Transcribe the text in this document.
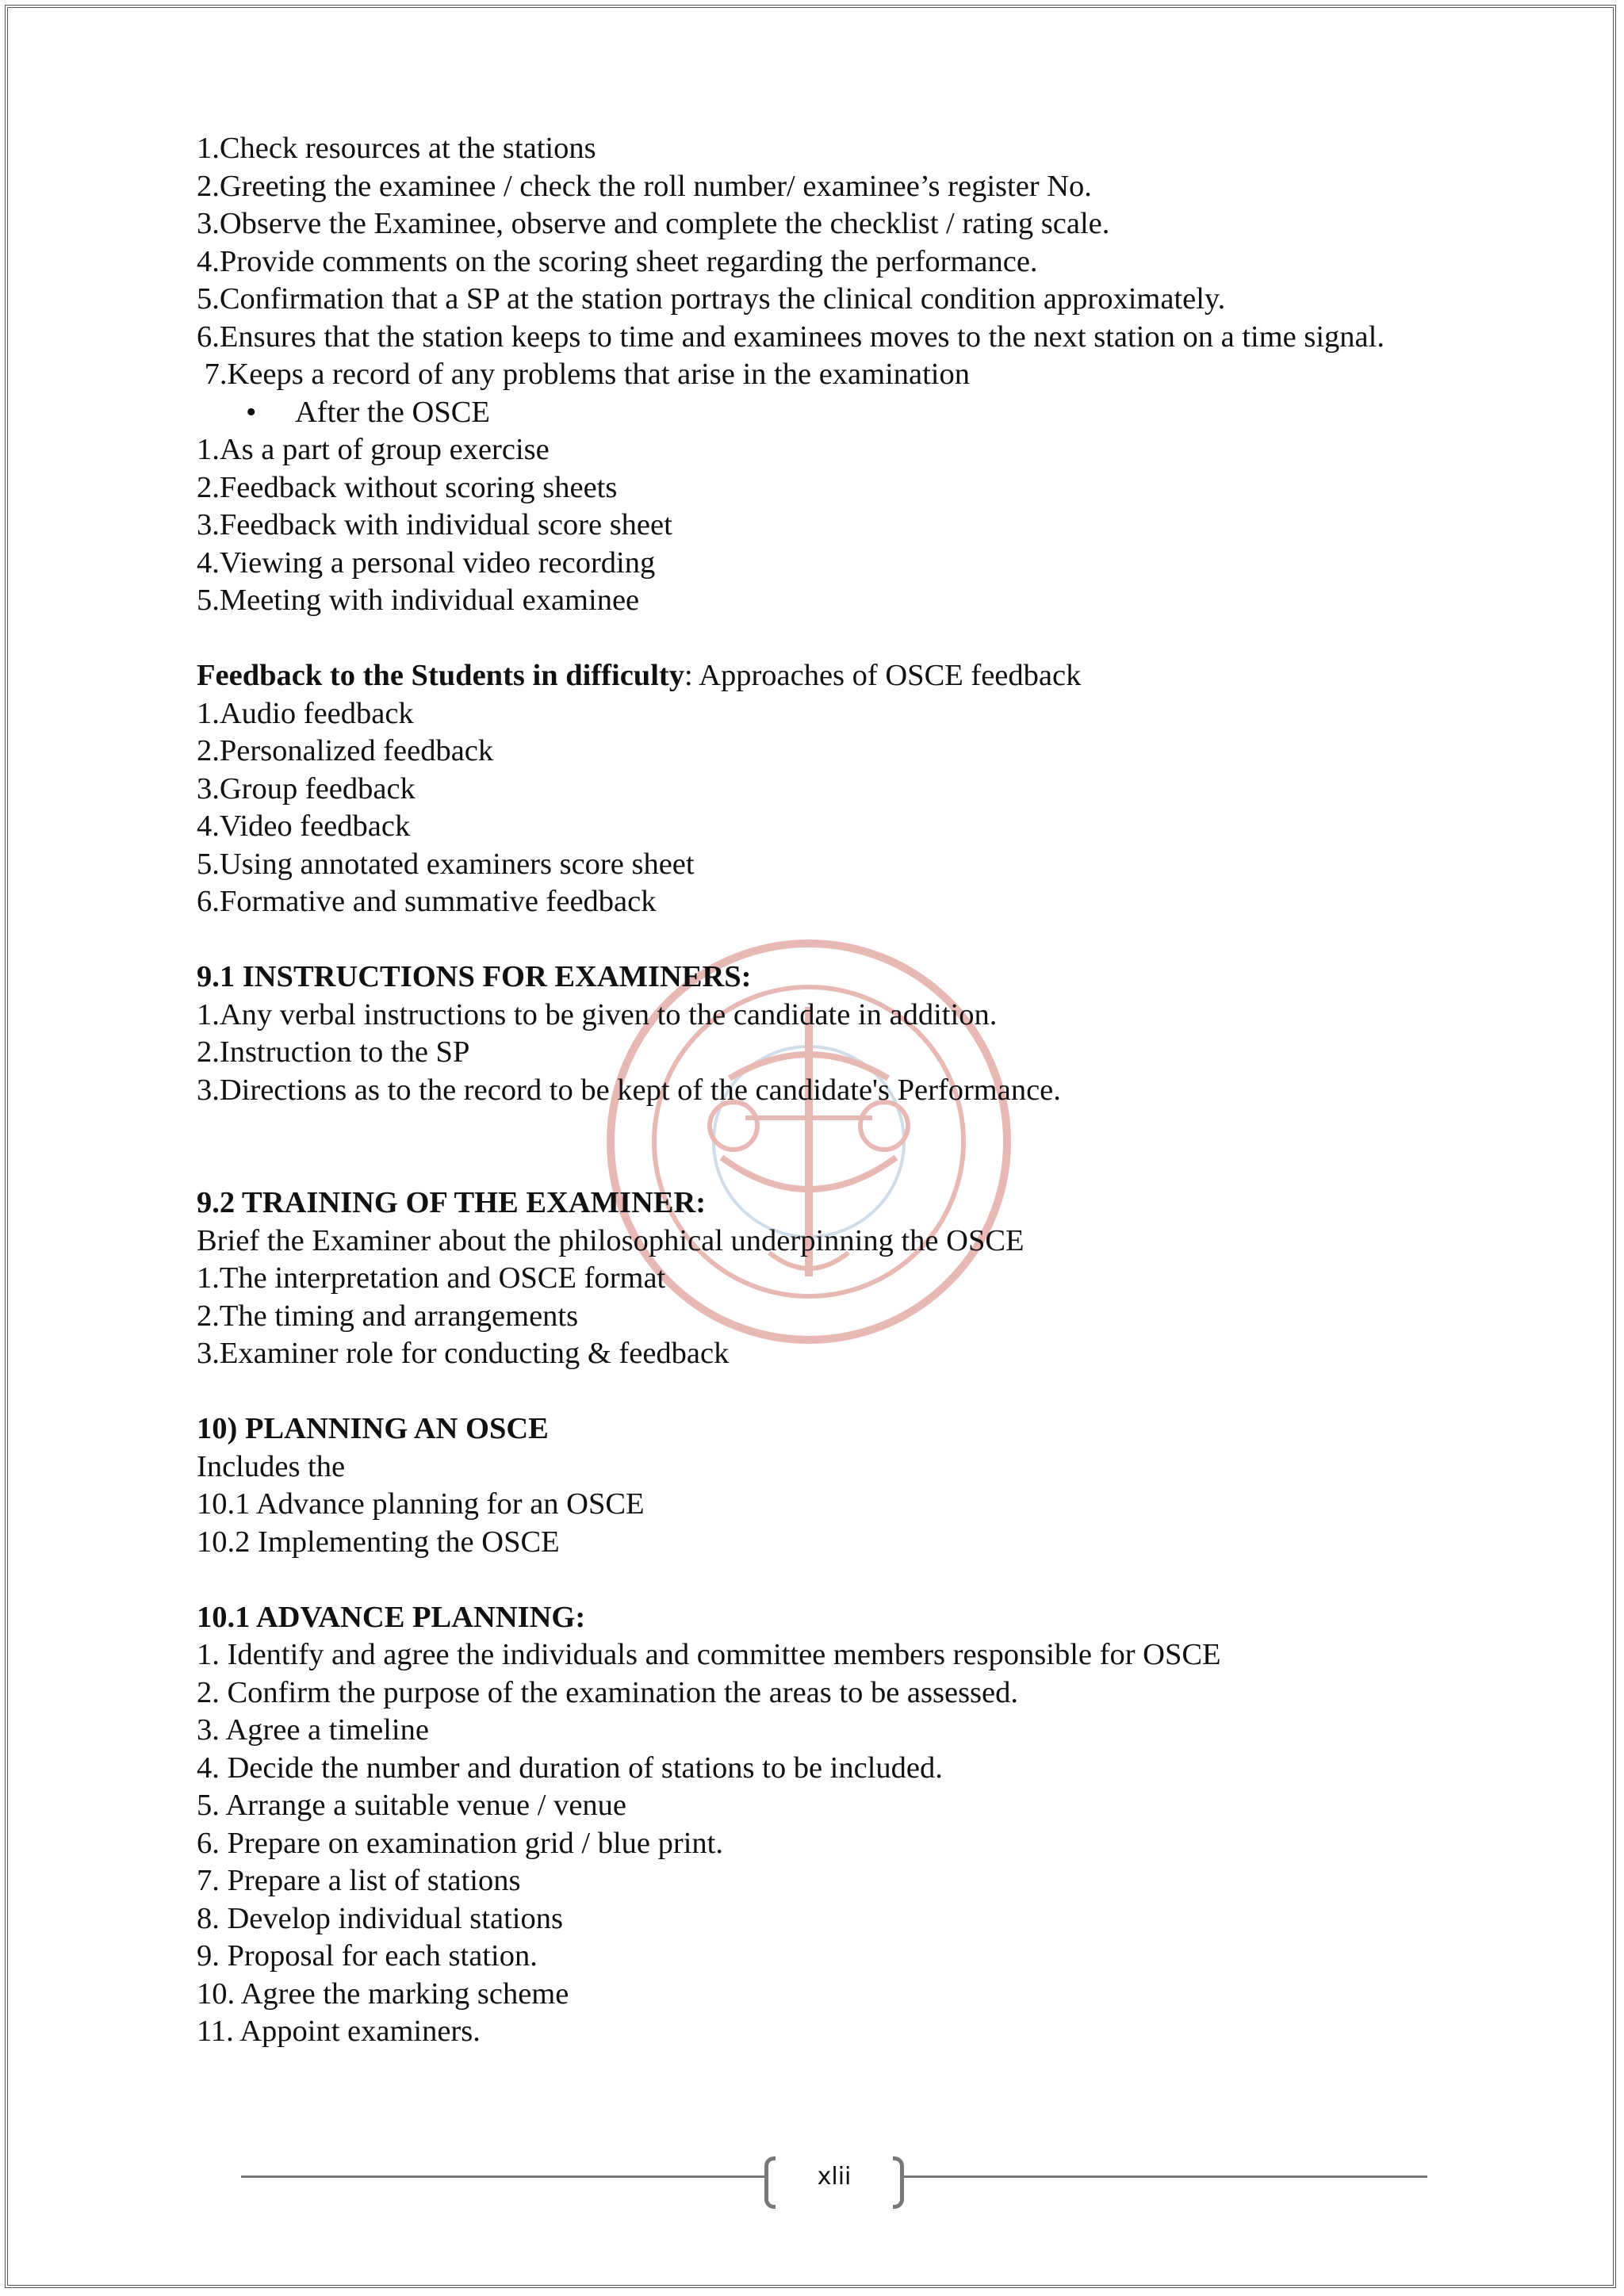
1.Check resources at the stations
2.Greeting the examinee / check the roll number/ examinee’s register No.
3.Observe the Examinee, observe and complete the checklist / rating scale.
4.Provide comments on the scoring sheet regarding the performance.
5.Confirmation that a SP at the station portrays the clinical condition approximately.
6.Ensures that the station keeps to time and examinees moves to the next station on a time signal.
7.Keeps a record of any problems that arise in the examination
• After the OSCE
1.As a part of group exercise
2.Feedback without scoring sheets
3.Feedback with individual score sheet
4.Viewing a personal video recording
5.Meeting with individual examinee
Feedback to the Students in difficulty: Approaches of OSCE feedback
1.Audio feedback
2.Personalized feedback
3.Group feedback
4.Video feedback
5.Using annotated examiners score sheet
6.Formative and summative feedback
9.1 INSTRUCTIONS FOR EXAMINERS:
1.Any verbal instructions to be given to the candidate in addition.
2.Instruction to the SP
3.Directions as to the record to be kept of the candidate's Performance.
9.2 TRAINING OF THE EXAMINER:
Brief the Examiner about the philosophical underpinning the OSCE
1.The interpretation and OSCE format
2.The timing and arrangements
3.Examiner role for conducting & feedback
10) PLANNING AN OSCE
Includes the
10.1 Advance planning for an OSCE
10.2 Implementing the OSCE
10.1 ADVANCE PLANNING:
1. Identify and agree the individuals and committee members responsible for OSCE
2. Confirm the purpose of the examination the areas to be assessed.
3. Agree a timeline
4. Decide the number and duration of stations to be included.
5. Arrange a suitable venue / venue
6. Prepare on examination grid / blue print.
7. Prepare a list of stations
8. Develop individual stations
9. Proposal for each station.
10. Agree the marking scheme
11. Appoint examiners.
xlii
